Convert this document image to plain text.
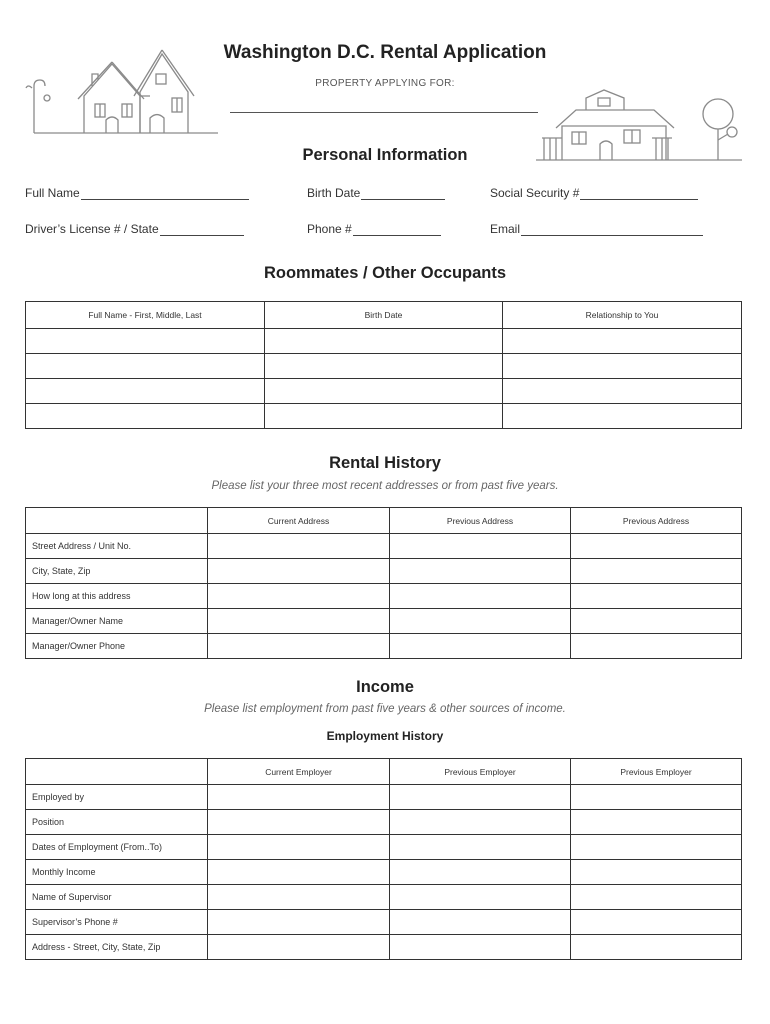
Washington D.C. Rental Application
PROPERTY APPLYING FOR:
Personal Information
Full Name	Birth Date	Social Security #
Driver’s License # / State	Phone #	Email
Roommates / Other Occupants
Full Name - First, Middle, Last	Birth Date	Relationship to You

Rental History
Please list your three most recent addresses or from past five years.
	Current Address	Previous Address	Previous Address
Street Address / Unit No.			
City, State, Zip			
How long at this address			
Manager/Owner Name			
Manager/Owner Phone			
Income
Please list employment from past five years & other sources of income.
Employment History
	Current Employer	Previous Employer	Previous Employer
Employed by			
Position			
Dates of Employment (From..To)			
Monthly Income			
Name of Supervisor			
Supervisor’s Phone #			
Address - Street, City, State, Zip			
